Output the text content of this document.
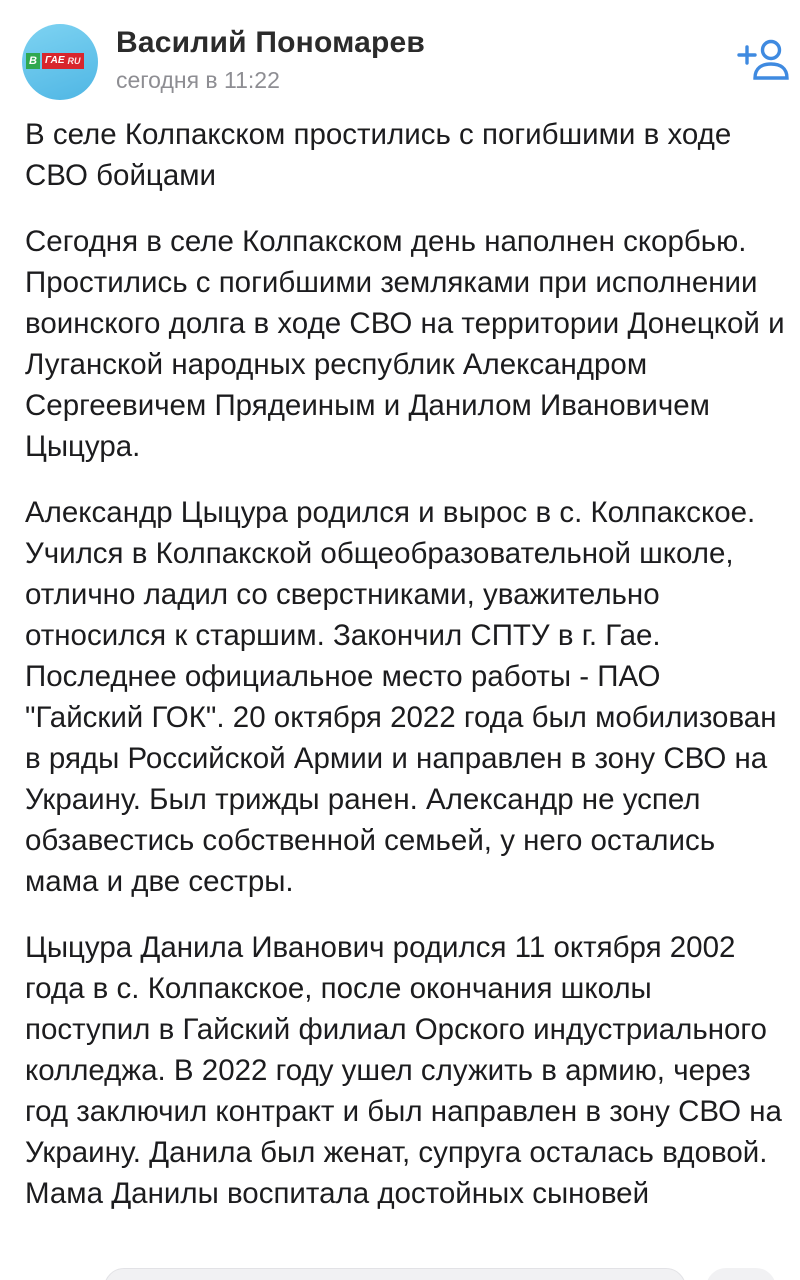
В ГАЕ RU
Василий Пономарев
сегодня в 11:22

В селе Колпакском простились с погибшими в ходе СВО бойцами

Сегодня в селе Колпакском день наполнен скорбью. Простились с погибшими земляками при исполнении воинского долга в ходе СВО на территории Донецкой и Луганской народных республик Александром Сергеевичем Прядеиным и Данилом Ивановичем Цыцура.

Александр Цыцура родился и вырос в с. Колпакское. Учился в Колпакской общеобразовательной школе, отлично ладил со сверстниками, уважительно относился к старшим. Закончил СПТУ в г. Гае. Последнее официальное место работы - ПАО "Гайский ГОК". 20 октября 2022 года был мобилизован в ряды Российской Армии и направлен в зону СВО на Украину. Был трижды ранен. Александр не успел обзавестись собственной семьей, у него остались мама и две сестры.

Цыцура Данила Иванович родился 11 октября 2002 года в с. Колпакское, после окончания школы поступил в Гайский филиал Орского индустриального колледжа. В 2022 году ушел служить в армию, через год заключил контракт и был направлен в зону СВО на Украину. Данила был женат, супруга осталась вдовой. Мама Данилы воспитала достойных сыновей
